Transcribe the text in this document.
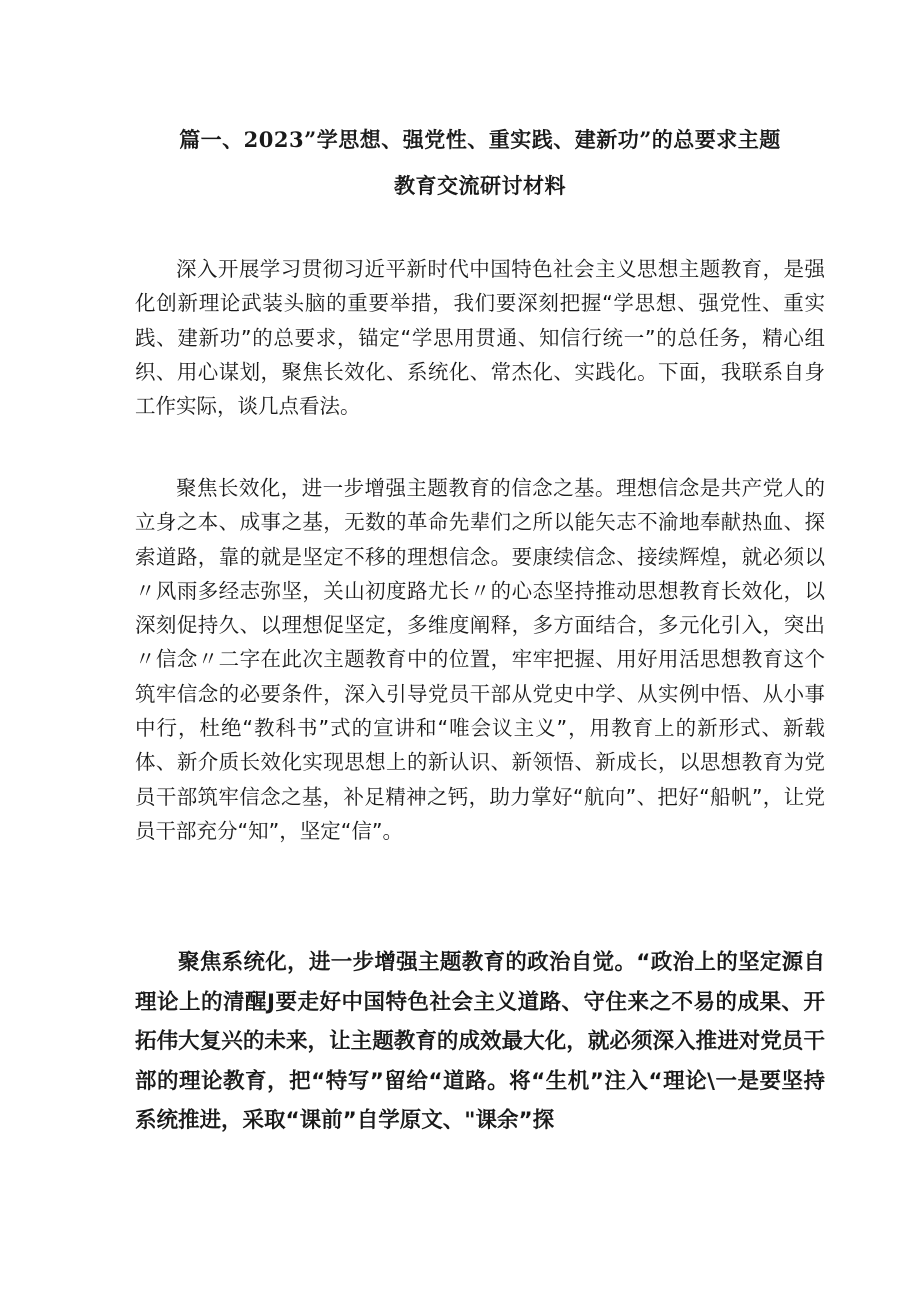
篇一、2023”学思想、强党性、重实践、建新功”的总要求主题
教育交流研讨材料

深入开展学习贯彻习近平新时代中国特色社会主义思想主题教育，是强化创新理论武装头脑的重要举措，我们要深刻把握“学思想、强党性、重实践、建新功”的总要求，锚定“学思用贯通、知信行统一”的总任务，精心组织、用心谋划，聚焦长效化、系统化、常杰化、实践化。下面，我联系自身工作实际，谈几点看法。

聚焦长效化，进一步增强主题教育的信念之基。理想信念是共产党人的立身之本、成事之基，无数的革命先辈们之所以能矢志不渝地奉献热血、探索道路，靠的就是坚定不移的理想信念。要康续信念、接续辉煌，就必须以〃风雨多经志弥坚，关山初度路尤长〃的心态坚持推动思想教育长效化，以深刻促持久、以理想促坚定，多维度阐释，多方面结合，多元化引入，突出〃信念〃二字在此次主题教育中的位置，牢牢把握、用好用活思想教育这个筑牢信念的必要条件，深入引导党员干部从党史中学、从实例中悟、从小事中行，杜绝“教科书”式的宣讲和“唯会议主义”，用教育上的新形式、新载体、新介质长效化实现思想上的新认识、新领悟、新成长，以思想教育为党员干部筑牢信念之基，补足精神之钙，助力掌好“航向”、把好“船帆”，让党员干部充分“知”，坚定“信”。

聚焦系统化，进一步增强主题教育的政治自觉。“政治上的坚定源自理论上的清醒J要走好中国特色社会主义道路、守住来之不易的成果、开拓伟大复兴的未来，让主题教育的成效最大化，就必须深入推进对党员干部的理论教育，把“特写”留给“道路。将“生机”注入“理论\一是要坚持系统推进，采取“课前”自学原文、"课余”探
